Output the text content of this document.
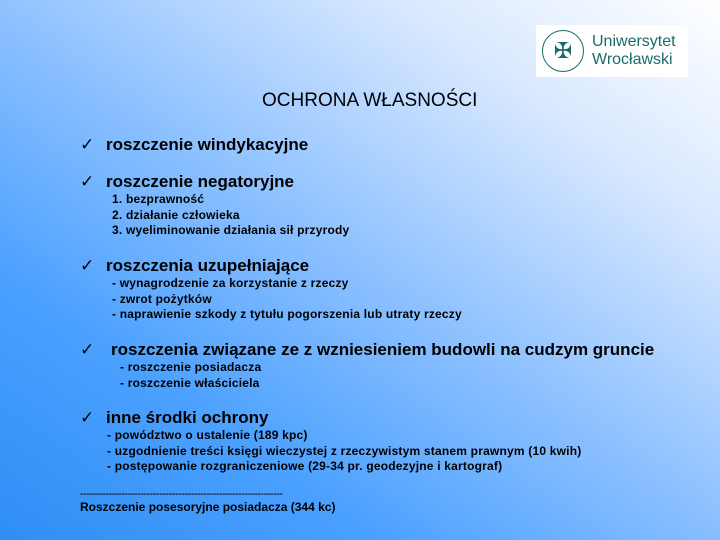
✠	Uniwersytet
Wrocławski
OCHRONA WŁASNOŚCI
✓ roszczenie windykacyjne
✓ roszczenie negatoryjne
1. bezprawność
2. działanie człowieka
3. wyeliminowanie działania sił przyrody
✓ roszczenia uzupełniające
- wynagrodzenie za korzystanie z rzeczy
- zwrot pożytków
- naprawienie szkody z tytułu pogorszenia lub utraty rzeczy
✓ roszczenia związane ze z wzniesieniem budowli na cudzym gruncie
- roszczenie posiadacza
- roszczenie właściciela
✓ inne środki ochrony
- powództwo o ustalenie (189 kpc)
- uzgodnienie treści księgi wieczystej z rzeczywistym stanem prawnym (10 kwih)
- postępowanie rozgraniczeniowe (29-34 pr. geodezyjne i kartograf)
----------------------------------------------------------------
Roszczenie posesoryjne posiadacza (344 kc)
